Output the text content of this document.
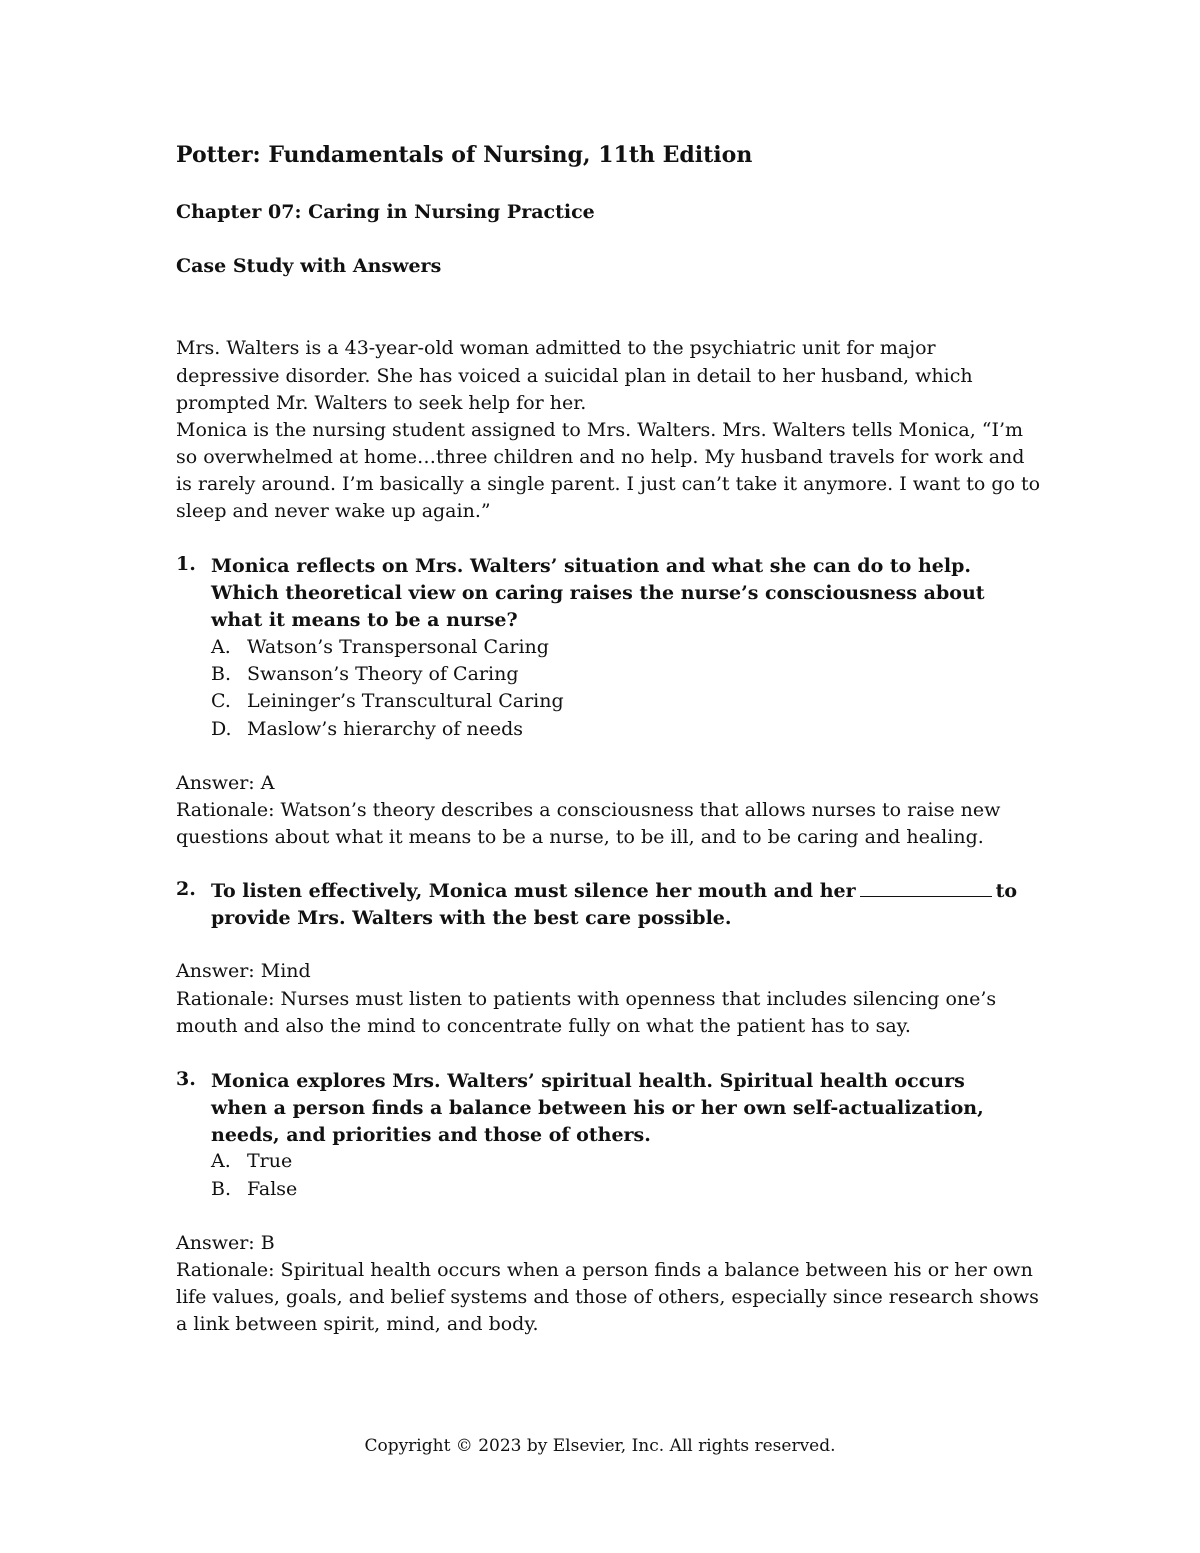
Potter: Fundamentals of Nursing, 11th Edition
Chapter 07: Caring in Nursing Practice
Case Study with Answers
Mrs. Walters is a 43-year-old woman admitted to the psychiatric unit for major
depressive disorder. She has voiced a suicidal plan in detail to her husband, which
prompted Mr. Walters to seek help for her.
Monica is the nursing student assigned to Mrs. Walters. Mrs. Walters tells Monica, “I’m
so overwhelmed at home…three children and no help. My husband travels for work and
is rarely around. I’m basically a single parent. I just can’t take it anymore. I want to go to
sleep and never wake up again.”
1. Monica reflects on Mrs. Walters’ situation and what she can do to help. Which theoretical view on caring raises the nurse’s consciousness about what it means to be a nurse?
A. Watson’s Transpersonal Caring
B. Swanson’s Theory of Caring
C. Leininger’s Transcultural Caring
D. Maslow’s hierarchy of needs
Answer: A
Rationale: Watson’s theory describes a consciousness that allows nurses to raise new
questions about what it means to be a nurse, to be ill, and to be caring and healing.
2. To listen effectively, Monica must silence her mouth and her	to
provide Mrs. Walters with the best care possible.
Answer: Mind
Rationale: Nurses must listen to patients with openness that includes silencing one’s
mouth and also the mind to concentrate fully on what the patient has to say.
3. Monica explores Mrs. Walters’ spiritual health. Spiritual health occurs when a person finds a balance between his or her own self-actualization, needs, and priorities and those of others.
A. True
B. False
Answer: B
Rationale: Spiritual health occurs when a person finds a balance between his or her own
life values, goals, and belief systems and those of others, especially since research shows
a link between spirit, mind, and body.
Copyright © 2023 by Elsevier, Inc. All rights reserved.
